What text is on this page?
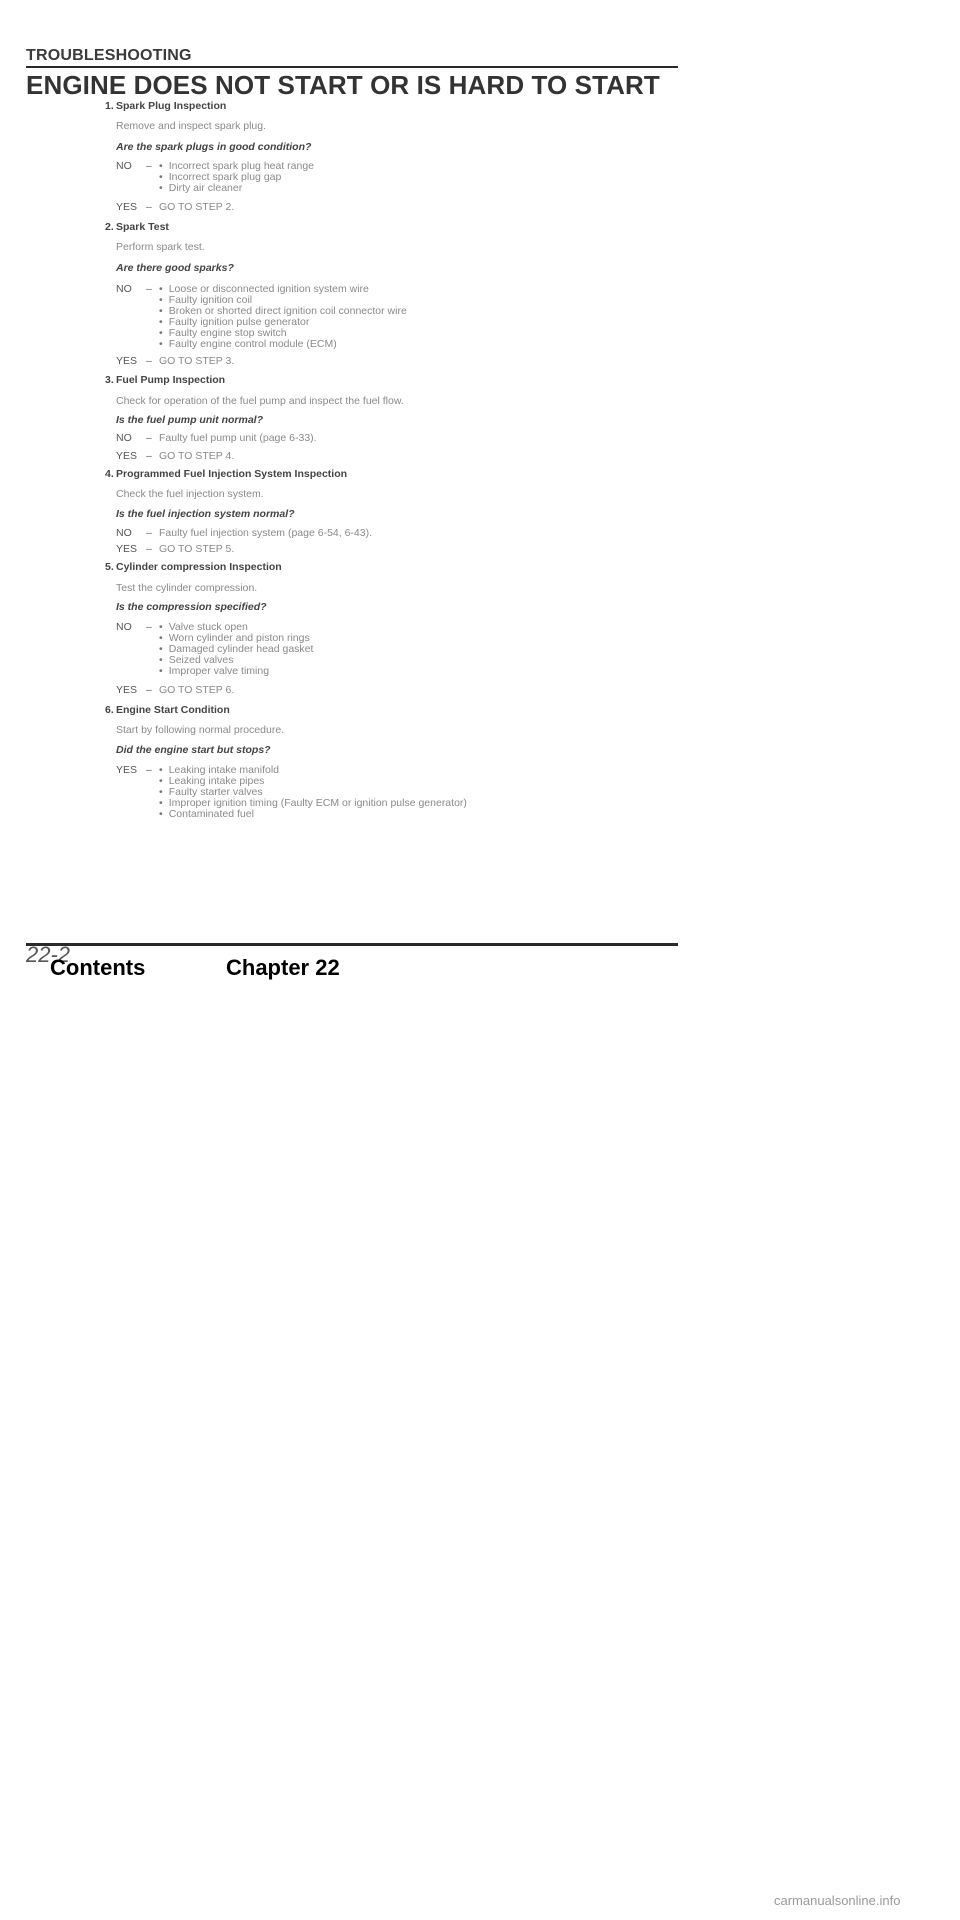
TROUBLESHOOTING
ENGINE DOES NOT START OR IS HARD TO START
1. Spark Plug Inspection
Remove and inspect spark plug.
Are the spark plugs in good condition?
NO –	• Incorrect spark plug heat range
• Incorrect spark plug gap
• Dirty air cleaner
YES – GO TO STEP 2.
2. Spark Test
Perform spark test.
Are there good sparks?
NO –	• Loose or disconnected ignition system wire
• Faulty ignition coil
• Broken or shorted direct ignition coil connector wire
• Faulty ignition pulse generator
• Faulty engine stop switch
• Faulty engine control module (ECM)
YES – GO TO STEP 3.
3. Fuel Pump Inspection
Check for operation of the fuel pump and inspect the fuel flow.
Is the fuel pump unit normal?
NO – Faulty fuel pump unit (page 6-33).
YES – GO TO STEP 4.
4. Programmed Fuel Injection System Inspection
Check the fuel injection system.
Is the fuel injection system normal?
NO – Faulty fuel injection system (page 6-54, 6-43).
YES – GO TO STEP 5.
5. Cylinder compression Inspection
Test the cylinder compression.
Is the compression specified?
NO –	• Valve stuck open
• Worn cylinder and piston rings
• Damaged cylinder head gasket
• Seized valves
• Improper valve timing
YES – GO TO STEP 6.
6. Engine Start Condition
Start by following normal procedure.
Did the engine start but stops?
YES –	• Leaking intake manifold
• Leaking intake pipes
• Faulty starter valves
• Improper ignition timing (Faulty ECM or ignition pulse generator)
• Contaminated fuel
22-2
Contents	Chapter 22
carmanualsonline.info
